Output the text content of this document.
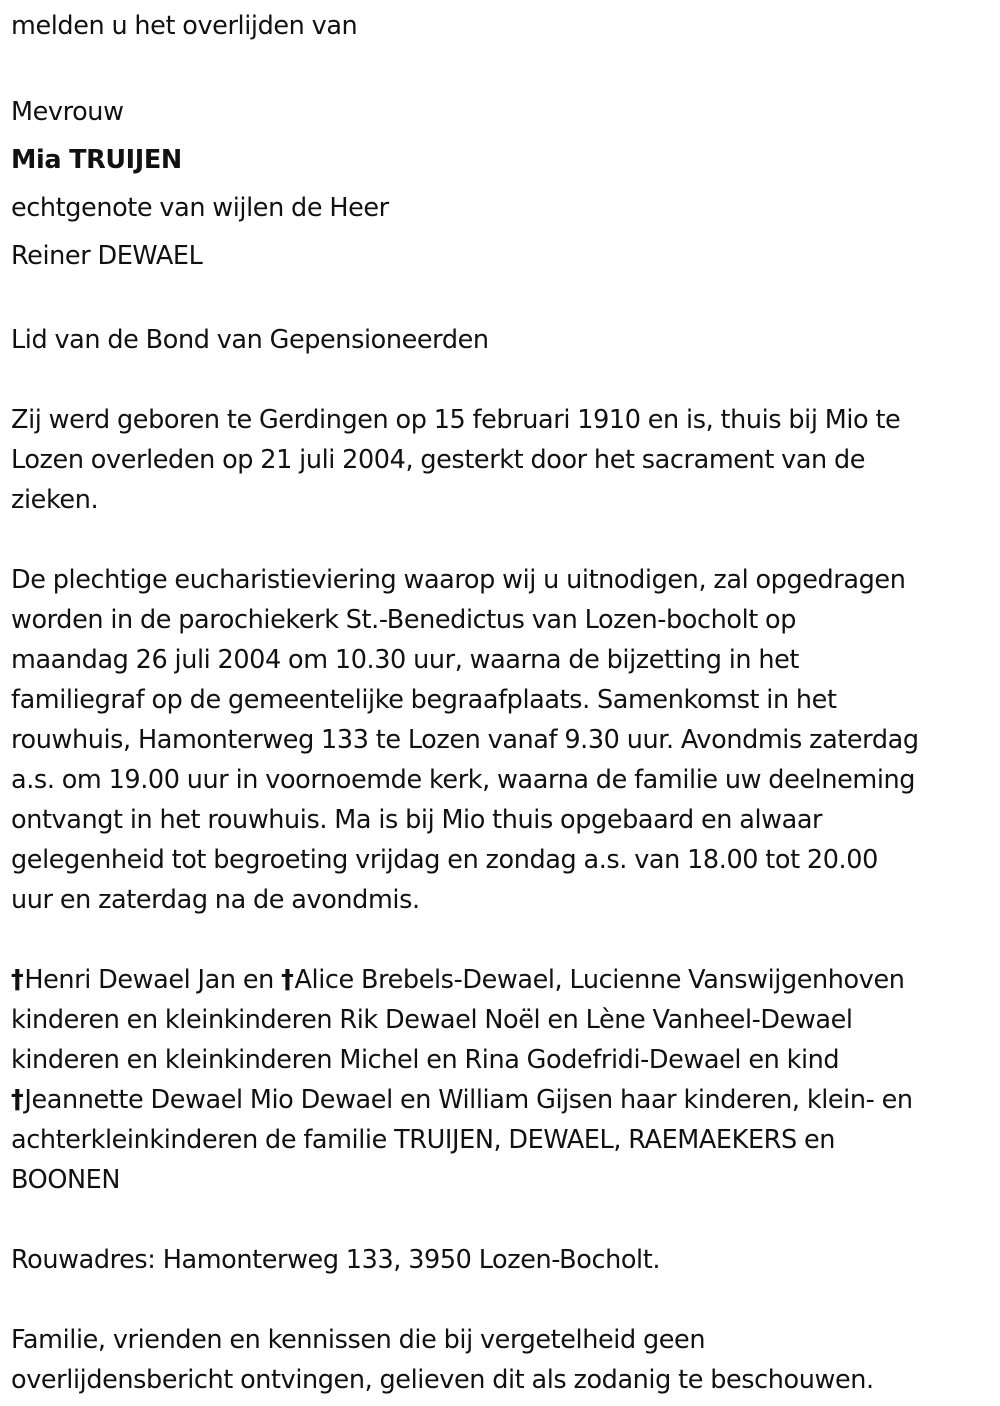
melden u het overlijden van
Mevrouw
Mia TRUIJEN
echtgenote van wijlen de Heer
Reiner DEWAEL
Lid van de Bond van Gepensioneerden
Zij werd geboren te Gerdingen op 15 februari 1910 en is, thuis bij Mio te
Lozen overleden op 21 juli 2004, gesterkt door het sacrament van de
zieken.
De plechtige eucharistieviering waarop wij u uitnodigen, zal opgedragen
worden in de parochiekerk St.-Benedictus van Lozen-bocholt op
maandag 26 juli 2004 om 10.30 uur, waarna de bijzetting in het
familiegraf op de gemeentelijke begraafplaats. Samenkomst in het
rouwhuis, Hamonterweg 133 te Lozen vanaf 9.30 uur. Avondmis zaterdag
a.s. om 19.00 uur in voornoemde kerk, waarna de familie uw deelneming
ontvangt in het rouwhuis. Ma is bij Mio thuis opgebaard en alwaar
gelegenheid tot begroeting vrijdag en zondag a.s. van 18.00 tot 20.00
uur en zaterdag na de avondmis.
†Henri Dewael Jan en †Alice Brebels-Dewael, Lucienne Vanswijgenhoven
kinderen en kleinkinderen Rik Dewael Noël en Lène Vanheel-Dewael
kinderen en kleinkinderen Michel en Rina Godefridi-Dewael en kind
†Jeannette Dewael Mio Dewael en William Gijsen haar kinderen, klein- en
achterkleinkinderen de familie TRUIJEN, DEWAEL, RAEMAEKERS en
BOONEN
Rouwadres: Hamonterweg 133, 3950 Lozen-Bocholt.
Familie, vrienden en kennissen die bij vergetelheid geen
overlijdensbericht ontvingen, gelieven dit als zodanig te beschouwen.
